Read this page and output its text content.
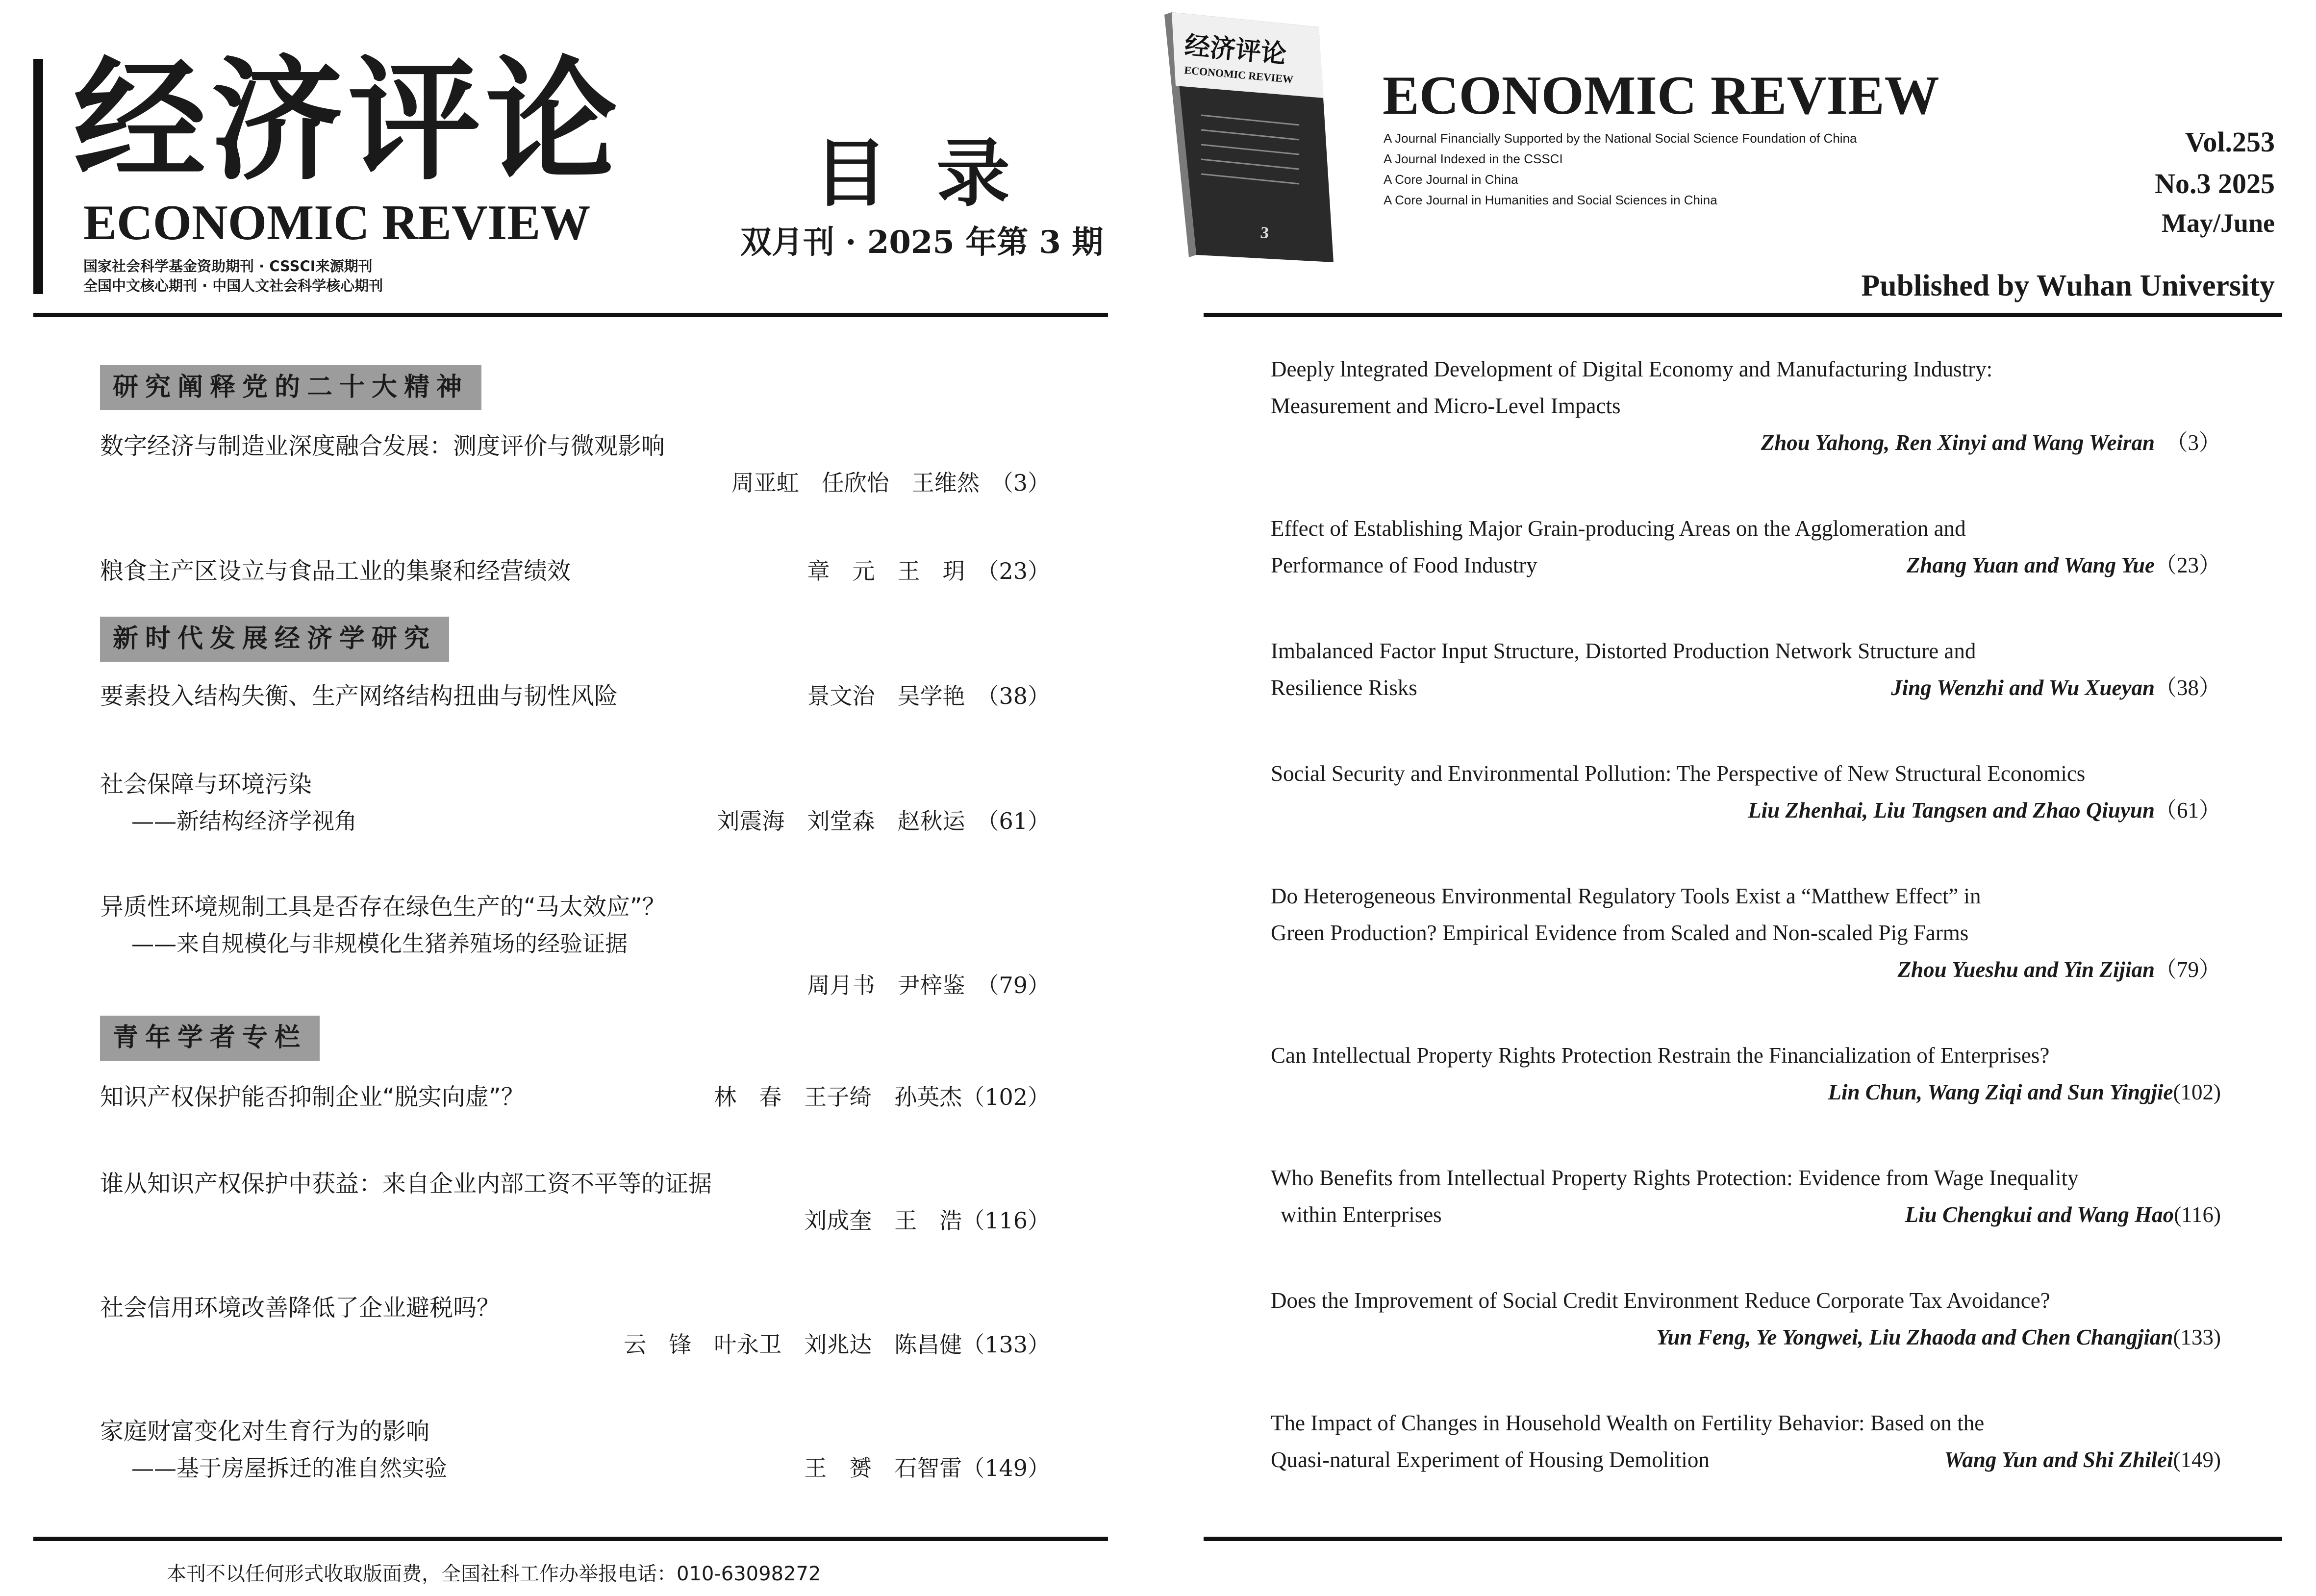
经济评论
ECONOMIC REVIEW
国家社会科学基金资助期刊 · CSSCI来源期刊
全国中文核心期刊 · 中国人文社会科学核心期刊
目录
双月刊 · 2025 年第 3 期
研究阐释党的二十大精神
新时代发展经济学研究
青年学者专栏
数字经济与制造业深度融合发展：测度评价与微观影响
周亚虹　任欣怡　王维然　（3）
粮食主产区设立与食品工业的集聚和经营绩效	章　元　王　玥　（23）
要素投入结构失衡、生产网络结构扭曲与韧性风险	景文治　吴学艳　（38）
社会保障与环境污染
——新结构经济学视角	刘震海　刘堂森　赵秋运　（61）
异质性环境规制工具是否存在绿色生产的“马太效应”？
——来自规模化与非规模化生猪养殖场的经验证据
周月书　尹梓鉴　（79）
知识产权保护能否抑制企业“脱实向虚”？	林　春　王子绮　孙英杰（102）
谁从知识产权保护中获益：来自企业内部工资不平等的证据
刘成奎　王　浩（116）
社会信用环境改善降低了企业避税吗？
云　锋　叶永卫　刘兆达　陈昌健（133）
家庭财富变化对生育行为的影响
——基于房屋拆迁的准自然实验	王　赟　石智雷（149）
本刊不以任何形式收取版面费，全国社科工作办举报电话：010-63098272
经济评论
ECONOMIC REVIEW
3
ECONOMIC REVIEW
A Journal Financially Supported by the National Social Science Foundation of China
A Journal Indexed in the CSSCI
A Core Journal in China
A Core Journal in Humanities and Social Sciences in China
Vol.253
No.3 2025
May/June
Published by Wuhan University
Deeply lntegrated Development of Digital Economy and Manufacturing Industry:
Measurement and Micro-Level Impacts
Zhou Yahong, Ren Xinyi and Wang Weiran （3）
Effect of Establishing Major Grain-producing Areas on the Agglomeration and
Performance of Food Industry	Zhang Yuan and Wang Yue（23）
Imbalanced Factor Input Structure, Distorted Production Network Structure and
Resilience Risks	Jing Wenzhi and Wu Xueyan（38）
Social Security and Environmental Pollution: The Perspective of New Structural Economics
Liu Zhenhai, Liu Tangsen and Zhao Qiuyun（61）
Do Heterogeneous Environmental Regulatory Tools Exist a “Matthew Effect” in
Green Production? Empirical Evidence from Scaled and Non-scaled Pig Farms
Zhou Yueshu and Yin Zijian（79）
Can Intellectual Property Rights Protection Restrain the Financialization of Enterprises?
Lin Chun, Wang Ziqi and Sun Yingjie(102)
Who Benefits from Intellectual Property Rights Protection: Evidence from Wage Inequality
within Enterprises	Liu Chengkui and Wang Hao(116)
Does the Improvement of Social Credit Environment Reduce Corporate Tax Avoidance?
Yun Feng, Ye Yongwei, Liu Zhaoda and Chen Changjian(133)
The Impact of Changes in Household Wealth on Fertility Behavior: Based on the
Quasi-natural Experiment of Housing Demolition	Wang Yun and Shi Zhilei(149)
